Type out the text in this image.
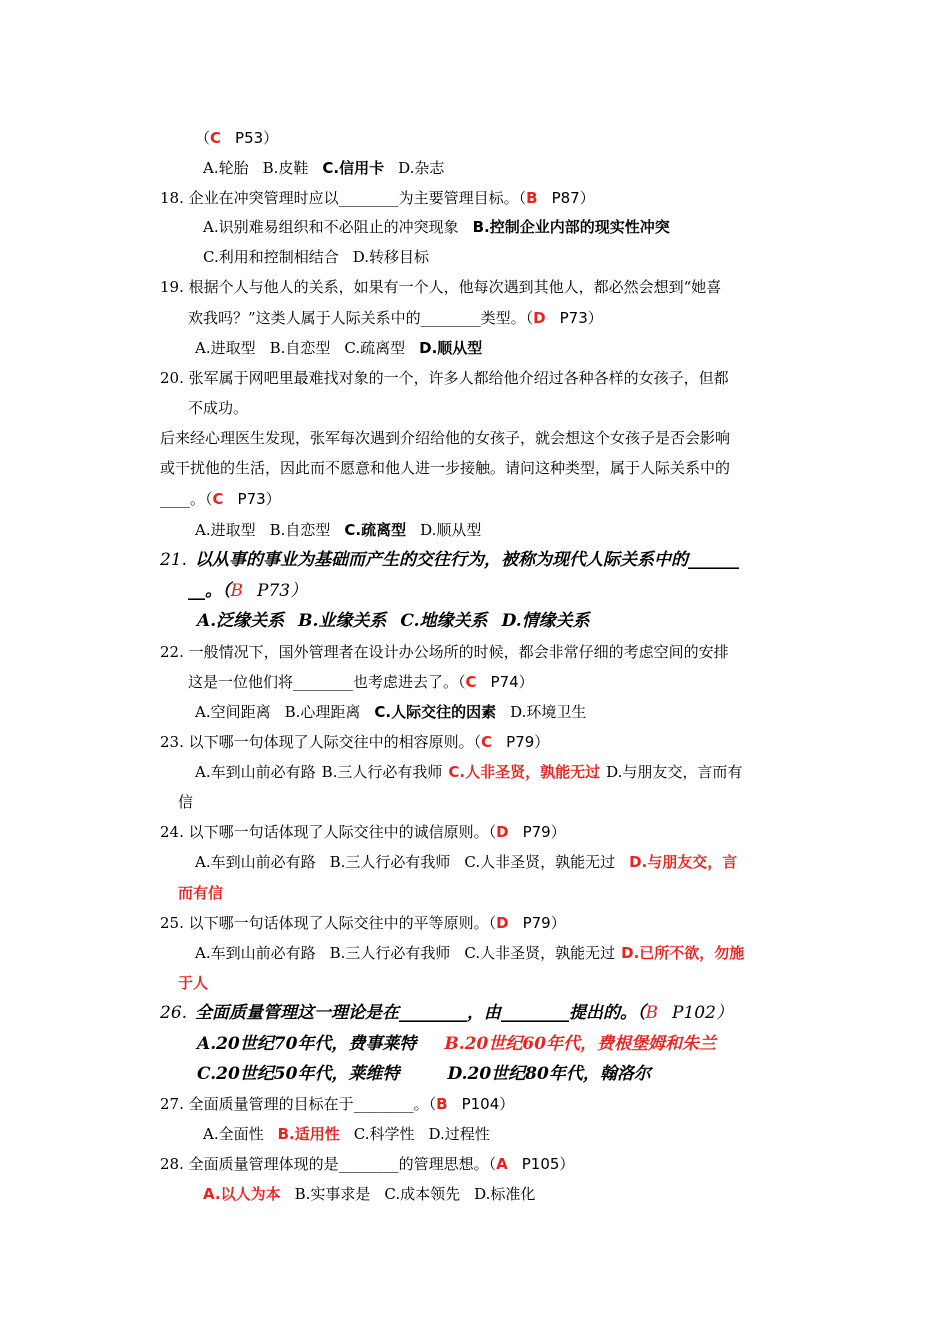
（C P53）
A.轮胎 B.皮鞋 C.信用卡 D.杂志
18. 企业在冲突管理时应以________为主要管理目标。（B P87）
A.识别难易组织和不必阻止的冲突现象 B.控制企业内部的现实性冲突
C.利用和控制相结合 D.转移目标
19. 根据个人与他人的关系，如果有一个人，他每次遇到其他人，都必然会想到“她喜
欢我吗？”这类人属于人际关系中的________类型。（D P73）
A.进取型 B.自恋型 C.疏离型 D.顺从型
20. 张军属于网吧里最难找对象的一个，许多人都给他介绍过各种各样的女孩子，但都
不成功。
后来经心理医生发现，张军每次遇到介绍给他的女孩子，就会想这个女孩子是否会影响
或干扰他的生活，因此而不愿意和他人进一步接触。请问这种类型，属于人际关系中的
____。（C P73）
A.进取型 B.自恋型 C.疏离型 D.顺从型
21. 以从事的事业为基础而产生的交往行为，被称为现代人际关系中的______
__。（B P73）
A.泛缘关系 B.业缘关系 C.地缘关系 D.情缘关系
22. 一般情况下，国外管理者在设计办公场所的时候，都会非常仔细的考虑空间的安排
这是一位他们将________也考虑进去了。（C P74）
A.空间距离 B.心理距离 C.人际交往的因素 D.环境卫生
23. 以下哪一句体现了人际交往中的相容原则。（C P79）
A.车到山前必有路 B.三人行必有我师 C.人非圣贤，孰能无过 D.与朋友交，言而有
信
24. 以下哪一句话体现了人际交往中的诚信原则。（D P79）
A.车到山前必有路 B.三人行必有我师 C.人非圣贤，孰能无过 D.与朋友交，言
而有信
25. 以下哪一句话体现了人际交往中的平等原则。（D P79）
A.车到山前必有路 B.三人行必有我师 C.人非圣贤，孰能无过 D.已所不欲，勿施
于人
26. 全面质量管理这一理论是在________，由________提出的。（B P102）
A.20世纪70年代，费事莱特 B.20世纪60年代，费根堡姆和朱兰
C.20世纪50年代，莱维特	D.20世纪80年代，翰洛尔
27. 全面质量管理的目标在于________。（B P104）
A.全面性 B.适用性 C.科学性 D.过程性
28. 全面质量管理体现的是________的管理思想。（A P105）
A.以人为本 B.实事求是 C.成本领先 D.标准化
